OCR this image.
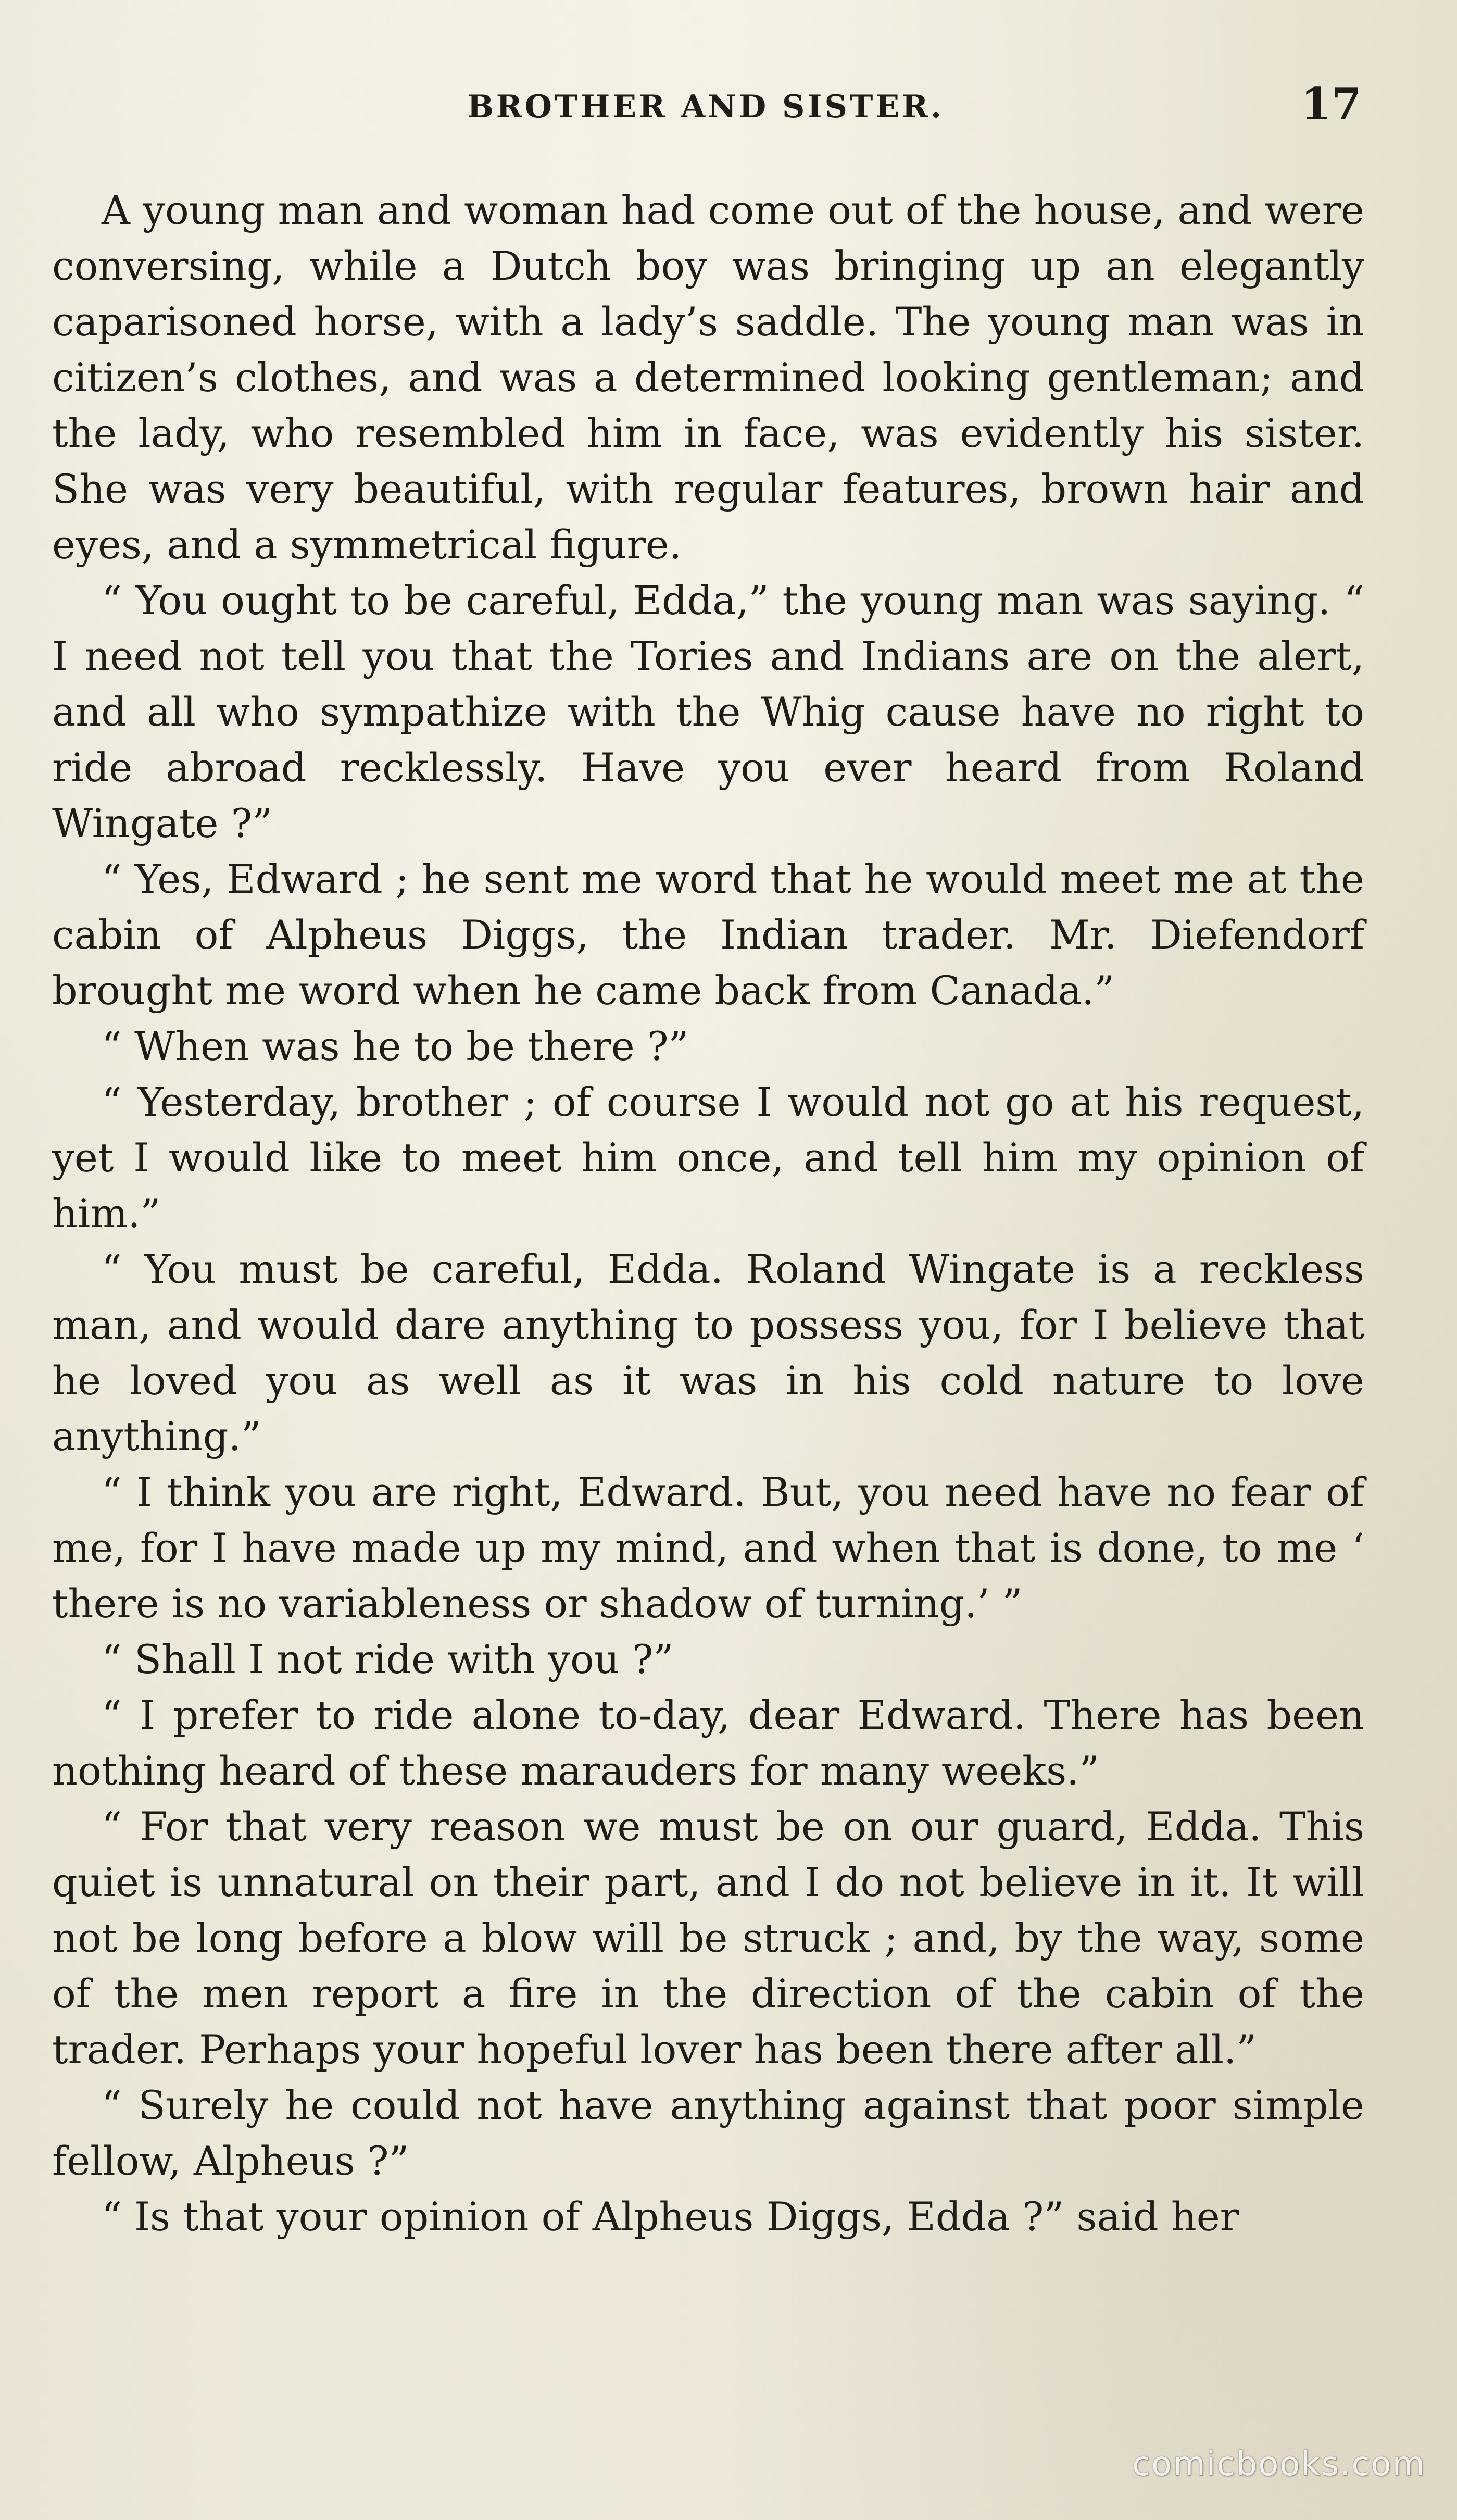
BROTHER AND SISTER.	17

A young man and woman had come out of the house, and were conversing, while a Dutch boy was bringing up an elegantly caparisoned horse, with a lady’s saddle. The young man was in citizen’s clothes, and was a determined looking gentleman; and the lady, who resembled him in face, was evidently his sister. She was very beautiful, with regular features, brown hair and eyes, and a symmetrical figure.

“ You ought to be careful, Edda,” the young man was saying. “ I need not tell you that the Tories and Indians are on the alert, and all who sympathize with the Whig cause have no right to ride abroad recklessly. Have you ever heard from Roland Wingate ?”

“ Yes, Edward ; he sent me word that he would meet me at the cabin of Alpheus Diggs, the Indian trader. Mr. Diefendorf brought me word when he came back from Canada.”

“ When was he to be there ?”

“ Yesterday, brother ; of course I would not go at his request, yet I would like to meet him once, and tell him my opinion of him.”

“ You must be careful, Edda. Roland Wingate is a reckless man, and would dare anything to possess you, for I believe that he loved you as well as it was in his cold nature to love anything.”

“ I think you are right, Edward. But, you need have no fear of me, for I have made up my mind, and when that is done, to me ‘ there is no variableness or shadow of turning.’ ”

“ Shall I not ride with you ?”

“ I prefer to ride alone to-day, dear Edward. There has been nothing heard of these marauders for many weeks.”

“ For that very reason we must be on our guard, Edda. This quiet is unnatural on their part, and I do not believe in it. It will not be long before a blow will be struck ; and, by the way, some of the men report a fire in the direction of the cabin of the trader. Perhaps your hopeful lover has been there after all.”

“ Surely he could not have anything against that poor simple fellow, Alpheus ?”

“ Is that your opinion of Alpheus Diggs, Edda ?” said her

comicbooks.com
